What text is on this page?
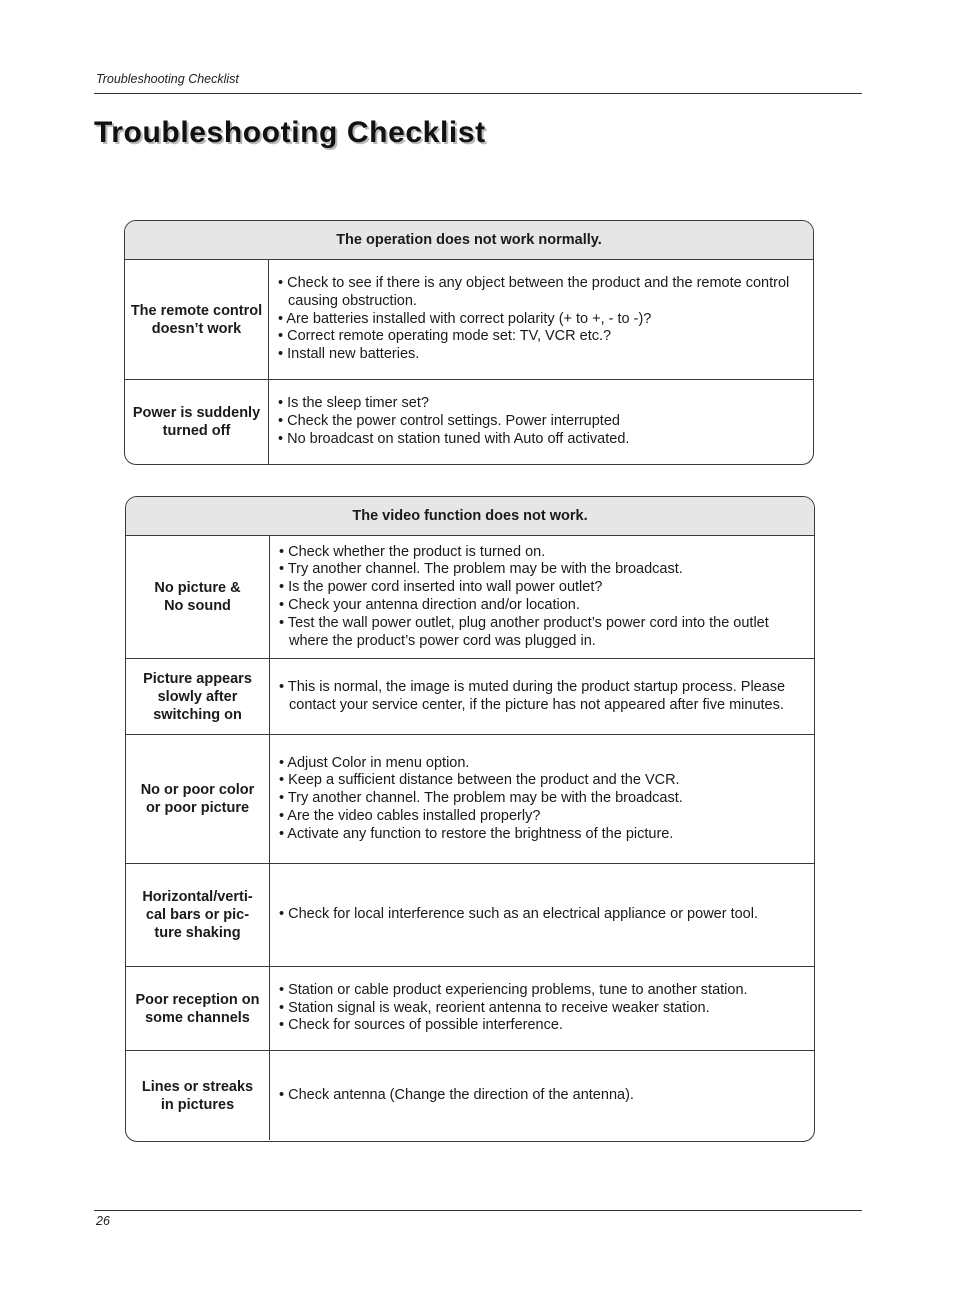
Troubleshooting Checklist
Troubleshooting Checklist
The operation does not work normally.
The remote control
doesn’t work
• Check to see if there is any object between the product and the remote control causing obstruction.
• Are batteries installed with correct polarity (+ to +, - to -)?
• Correct remote operating mode set: TV, VCR etc.?
• Install new batteries.
Power is suddenly
turned off
• Is the sleep timer set?
• Check the power control settings. Power interrupted
• No broadcast on station tuned with Auto off activated.
The video function does not work.
No picture &
No sound
• Check whether the product is turned on.
• Try another channel. The problem may be with the broadcast.
• Is the power cord inserted into wall power outlet?
• Check your antenna direction and/or location.
• Test the wall power outlet, plug another product’s power cord into the outlet where the product’s power cord was plugged in.
Picture appears
slowly after
switching on
• This is normal, the image is muted during the product startup process. Please contact your service center, if the picture has not appeared after five minutes.
No or poor color
or poor picture
• Adjust Color in menu option.
• Keep a sufficient distance between the product and the VCR.
• Try another channel. The problem may be with the broadcast.
• Are the video cables installed properly?
• Activate any function to restore the brightness of the picture.
Horizontal/verti-
cal bars or pic-
ture shaking
• Check for local interference such as an electrical appliance or power tool.
Poor reception on
some channels
• Station or cable product experiencing problems, tune to another station.
• Station signal is weak, reorient antenna to receive weaker station.
• Check for sources of possible interference.
Lines or streaks
in pictures
• Check antenna (Change the direction of the antenna).
26
